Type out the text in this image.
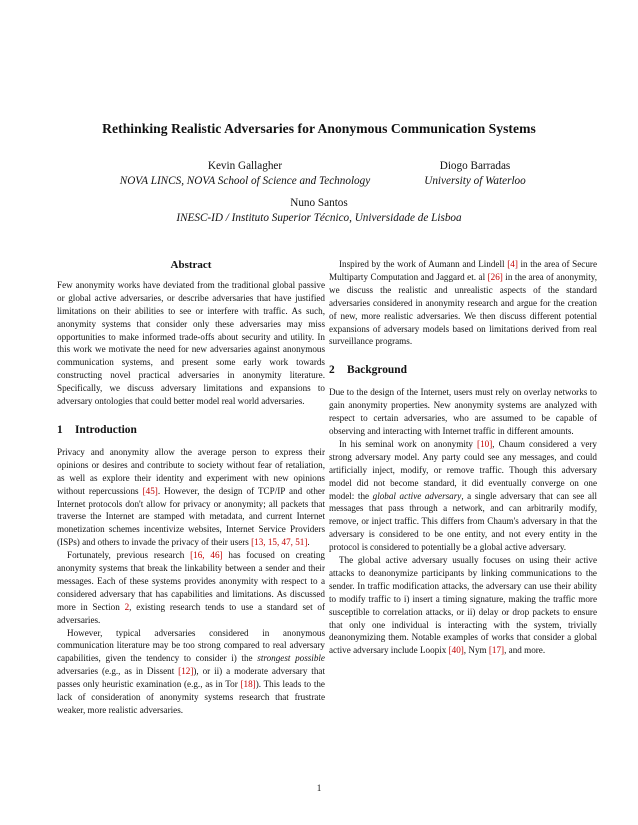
Rethinking Realistic Adversaries for Anonymous Communication Systems
Kevin Gallagher
NOVA LINCS, NOVA School of Science and Technology
Diogo Barradas
University of Waterloo
Nuno Santos
INESC-ID / Instituto Superior Técnico, Universidade de Lisboa
Abstract

Few anonymity works have deviated from the traditional global passive or global active adversaries, or describe adversaries that have justified limitations on their abilities to see or interfere with traffic. As such, anonymity systems that consider only these adversaries may miss opportunities to make informed trade-offs about security and utility. In this work we motivate the need for new adversaries against anonymous communication systems, and present some early work towards constructing novel practical adversaries in anonymity literature. Specifically, we discuss adversary limitations and expansions to adversary ontologies that could better model real world adversaries.

1 Introduction

Privacy and anonymity allow the average person to express their opinions or desires and contribute to society without fear of retaliation, as well as explore their identity and experiment with new opinions without repercussions [45]. However, the design of TCP/IP and other Internet protocols don't allow for privacy or anonymity; all packets that traverse the Internet are stamped with metadata, and current Internet monetization schemes incentivize websites, Internet Service Providers (ISPs) and others to invade the privacy of their users [13, 15, 47, 51].

Fortunately, previous research [16, 46] has focused on creating anonymity systems that break the linkability between a sender and their messages. Each of these systems provides anonymity with respect to a considered adversary that has capabilities and limitations. As discussed more in Section 2, existing research tends to use a standard set of adversaries.

However, typical adversaries considered in anonymous communication literature may be too strong compared to real adversary capabilities, given the tendency to consider i) the strongest possible adversaries (e.g., as in Dissent [12]), or ii) a moderate adversary that passes only heuristic examination (e.g., as in Tor [18]). This leads to the lack of consideration of anonymity systems research that frustrate weaker, more realistic adversaries.

Inspired by the work of Aumann and Lindell [4] in the area of Secure Multiparty Computation and Jaggard et. al [26] in the area of anonymity, we discuss the realistic and unrealistic aspects of the standard adversaries considered in anonymity research and argue for the creation of new, more realistic adversaries. We then discuss different potential expansions of adversary models based on limitations derived from real surveillance programs.

2 Background

Due to the design of the Internet, users must rely on overlay networks to gain anonymity properties. New anonymity systems are analyzed with respect to certain adversaries, who are assumed to be capable of observing and interacting with Internet traffic in different amounts.

In his seminal work on anonymity [10], Chaum considered a very strong adversary model. Any party could see any messages, and could artificially inject, modify, or remove traffic. Though this adversary model did not become standard, it did eventually converge on one model: the global active adversary, a single adversary that can see all messages that pass through a network, and can arbitrarily modify, remove, or inject traffic. This differs from Chaum's adversary in that the adversary is considered to be one entity, and not every entity in the protocol is considered to potentially be a global active adversary.

The global active adversary usually focuses on using their active attacks to deanonymize participants by linking communications to the sender. In traffic modification attacks, the adversary can use their ability to modify traffic to i) insert a timing signature, making the traffic more susceptible to correlation attacks, or ii) delay or drop packets to ensure that only one individual is interacting with the system, trivially deanonymizing them. Notable examples of works that consider a global active adversary include Loopix [40], Nym [17], and more.

1
